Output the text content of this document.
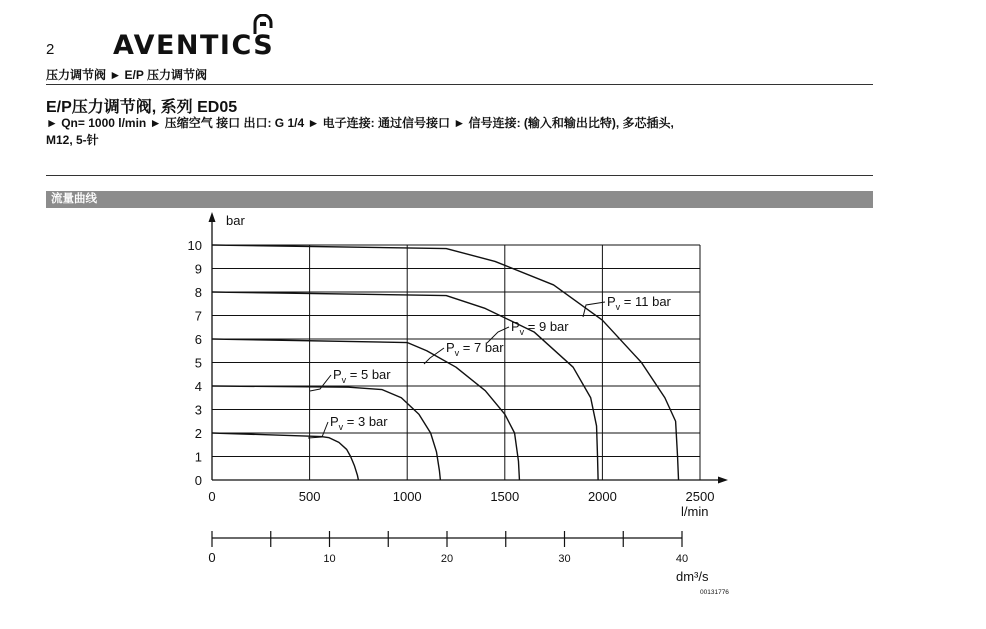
2 AVENTICS
压力调节阀 ► E/P 压力调节阀
E/P压力调节阀, 系列 ED05
► Qn= 1000 l/min ► 压缩空气 接口 出口: G 1/4 ► 电子连接: 通过信号接口 ► 信号连接: (输入和输出比特), 多芯插头,
M12, 5-针
流量曲线
0
1
2
3
4
5
6
7
8
9
10
0	500	1000	1500	2000	2500
$P_v = 3$ bar
$P_v = 5$ bar
$P_v = 7$ bar
$P_v = 9$ bar
$P_v = 11$ bar
0	10	20	30	40
bar
l/min
dm³/s
00131776
